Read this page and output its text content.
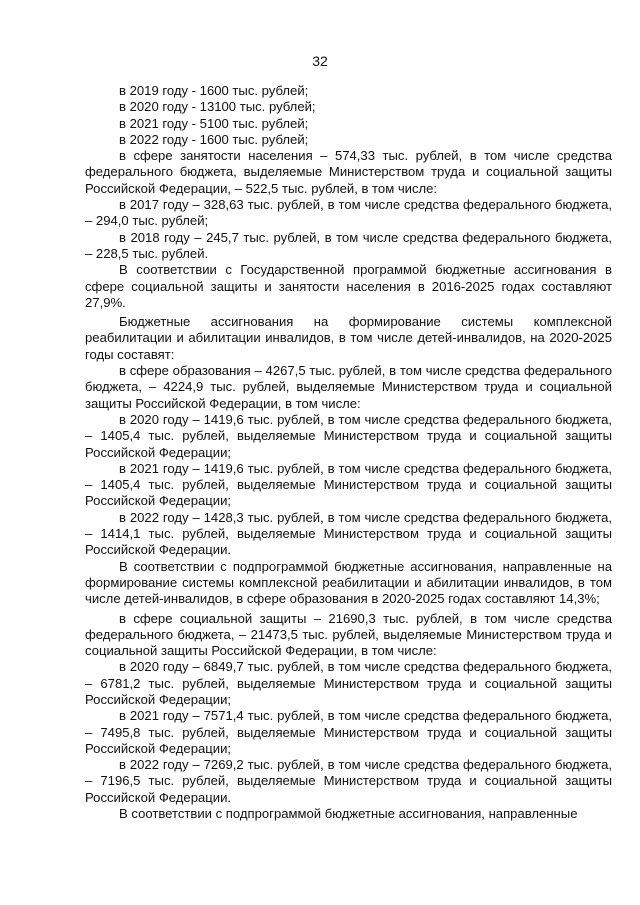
32

в 2019 году - 1600 тыс. рублей;

в 2020 году - 13100 тыс. рублей;

в 2021 году - 5100 тыс. рублей;

в 2022 году - 1600 тыс. рублей;

в сфере занятости населения – 574,33 тыс. рублей, в том числе средства федерального бюджета, выделяемые Министерством труда и социальной защиты Российской Федерации, – 522,5 тыс. рублей, в том числе:

в 2017 году – 328,63 тыс. рублей, в том числе средства федерального бюджета, – 294,0 тыс. рублей;

в 2018 году – 245,7 тыс. рублей, в том числе средства федерального бюджета, – 228,5 тыс. рублей.

В соответствии с Государственной программой бюджетные ассигнования в сфере социальной защиты и занятости населения в 2016-2025 годах составляют 27,9%.

Бюджетные ассигнования на формирование системы комплексной реабилитации и абилитации инвалидов, в том числе детей-инвалидов, на 2020-2025 годы составят:

в сфере образования – 4267,5 тыс. рублей, в том числе средства федерального бюджета, – 4224,9 тыс. рублей, выделяемые Министерством труда и социальной защиты Российской Федерации, в том числе:

в 2020 году – 1419,6 тыс. рублей, в том числе средства федерального бюджета, – 1405,4 тыс. рублей, выделяемые Министерством труда и социальной защиты Российской Федерации;

в 2021 году – 1419,6 тыс. рублей, в том числе средства федерального бюджета, – 1405,4 тыс. рублей, выделяемые Министерством труда и социальной защиты Российской Федерации;

в 2022 году – 1428,3 тыс. рублей, в том числе средства федерального бюджета, – 1414,1 тыс. рублей, выделяемые Министерством труда и социальной защиты Российской Федерации.

В соответствии с подпрограммой бюджетные ассигнования, направленные на формирование системы комплексной реабилитации и абилитации инвалидов, в том числе детей-инвалидов, в сфере образования в 2020-2025 годах составляют 14,3%;

в сфере социальной защиты – 21690,3 тыс. рублей, в том числе средства федерального бюджета, – 21473,5 тыс. рублей, выделяемые Министерством труда и социальной защиты Российской Федерации, в том числе:

в 2020 году – 6849,7 тыс. рублей, в том числе средства федерального бюджета, – 6781,2 тыс. рублей, выделяемые Министерством труда и социальной защиты Российской Федерации;

в 2021 году – 7571,4 тыс. рублей, в том числе средства федерального бюджета, – 7495,8 тыс. рублей, выделяемые Министерством труда и социальной защиты Российской Федерации;

в 2022 году – 7269,2 тыс. рублей, в том числе средства федерального бюджета, – 7196,5 тыс. рублей, выделяемые Министерством труда и социальной защиты Российской Федерации.

В соответствии с подпрограммой бюджетные ассигнования, направленные
